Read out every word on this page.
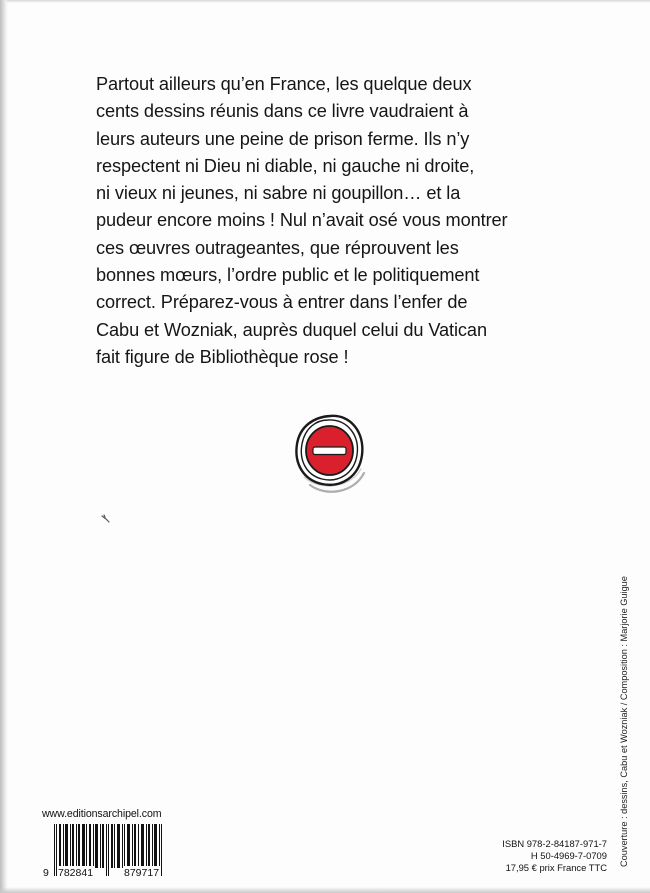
Partout ailleurs qu’en France, les quelque deux
cents dessins réunis dans ce livre vaudraient à
leurs auteurs une peine de prison ferme. Ils n’y
respectent ni Dieu ni diable, ni gauche ni droite,
ni vieux ni jeunes, ni sabre ni goupillon… et la
pudeur encore moins ! Nul n’avait osé vous montrer
ces œuvres outrageantes, que réprouvent les
bonnes mœurs, l’ordre public et le politiquement
correct. Préparez-vous à entrer dans l’enfer de
Cabu et Wozniak, auprès duquel celui du Vatican
fait figure de Bibliothèque rose !

Couverture : dessins, Cabu et Wozniak / Composition : Marjorie Guigue
www.editionsarchipel.com
9 782841	879717
ISBN 978-2-84187-971-7
H 50-4969-7-0709
17,95 € prix France TTC
